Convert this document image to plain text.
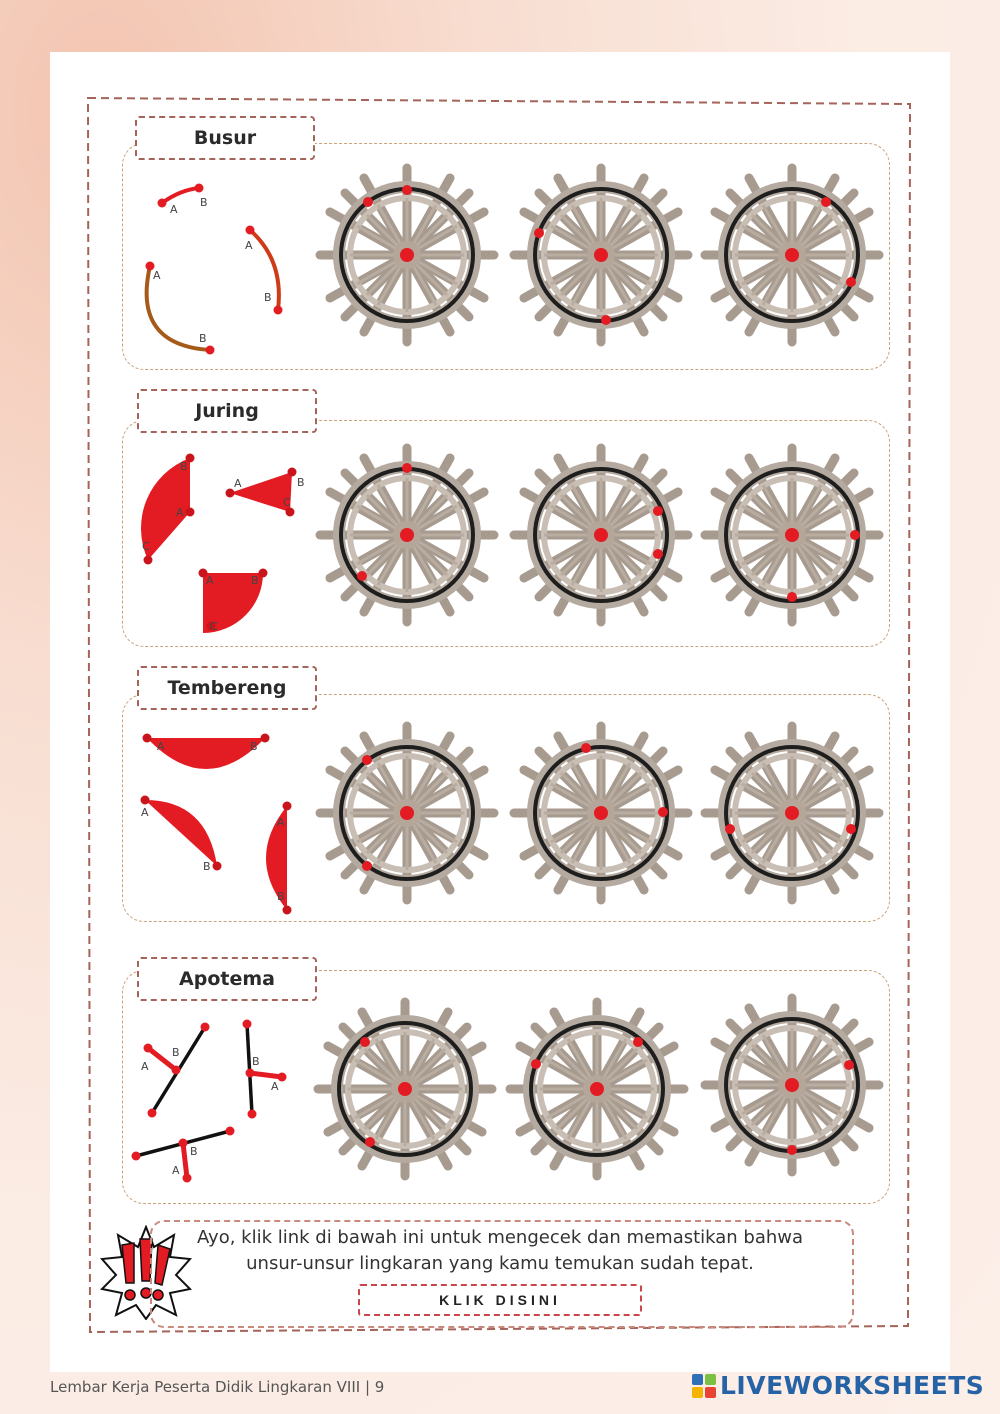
Busur
A
B
A
B
A
B
Juring
B
A
C
A	B
C
A	B
C
Tembereng
A	B
A
B
A
B
Apotema
A
B
B
A
B
A
Ayo, klik link di bawah ini untuk mengecek dan memastikan bahwa
unsur-unsur lingkaran yang kamu temukan sudah tepat.
KLIK DISINI
Lembar Kerja Peserta Didik Lingkaran VIII | 9	LIVEWORKSHEETS
